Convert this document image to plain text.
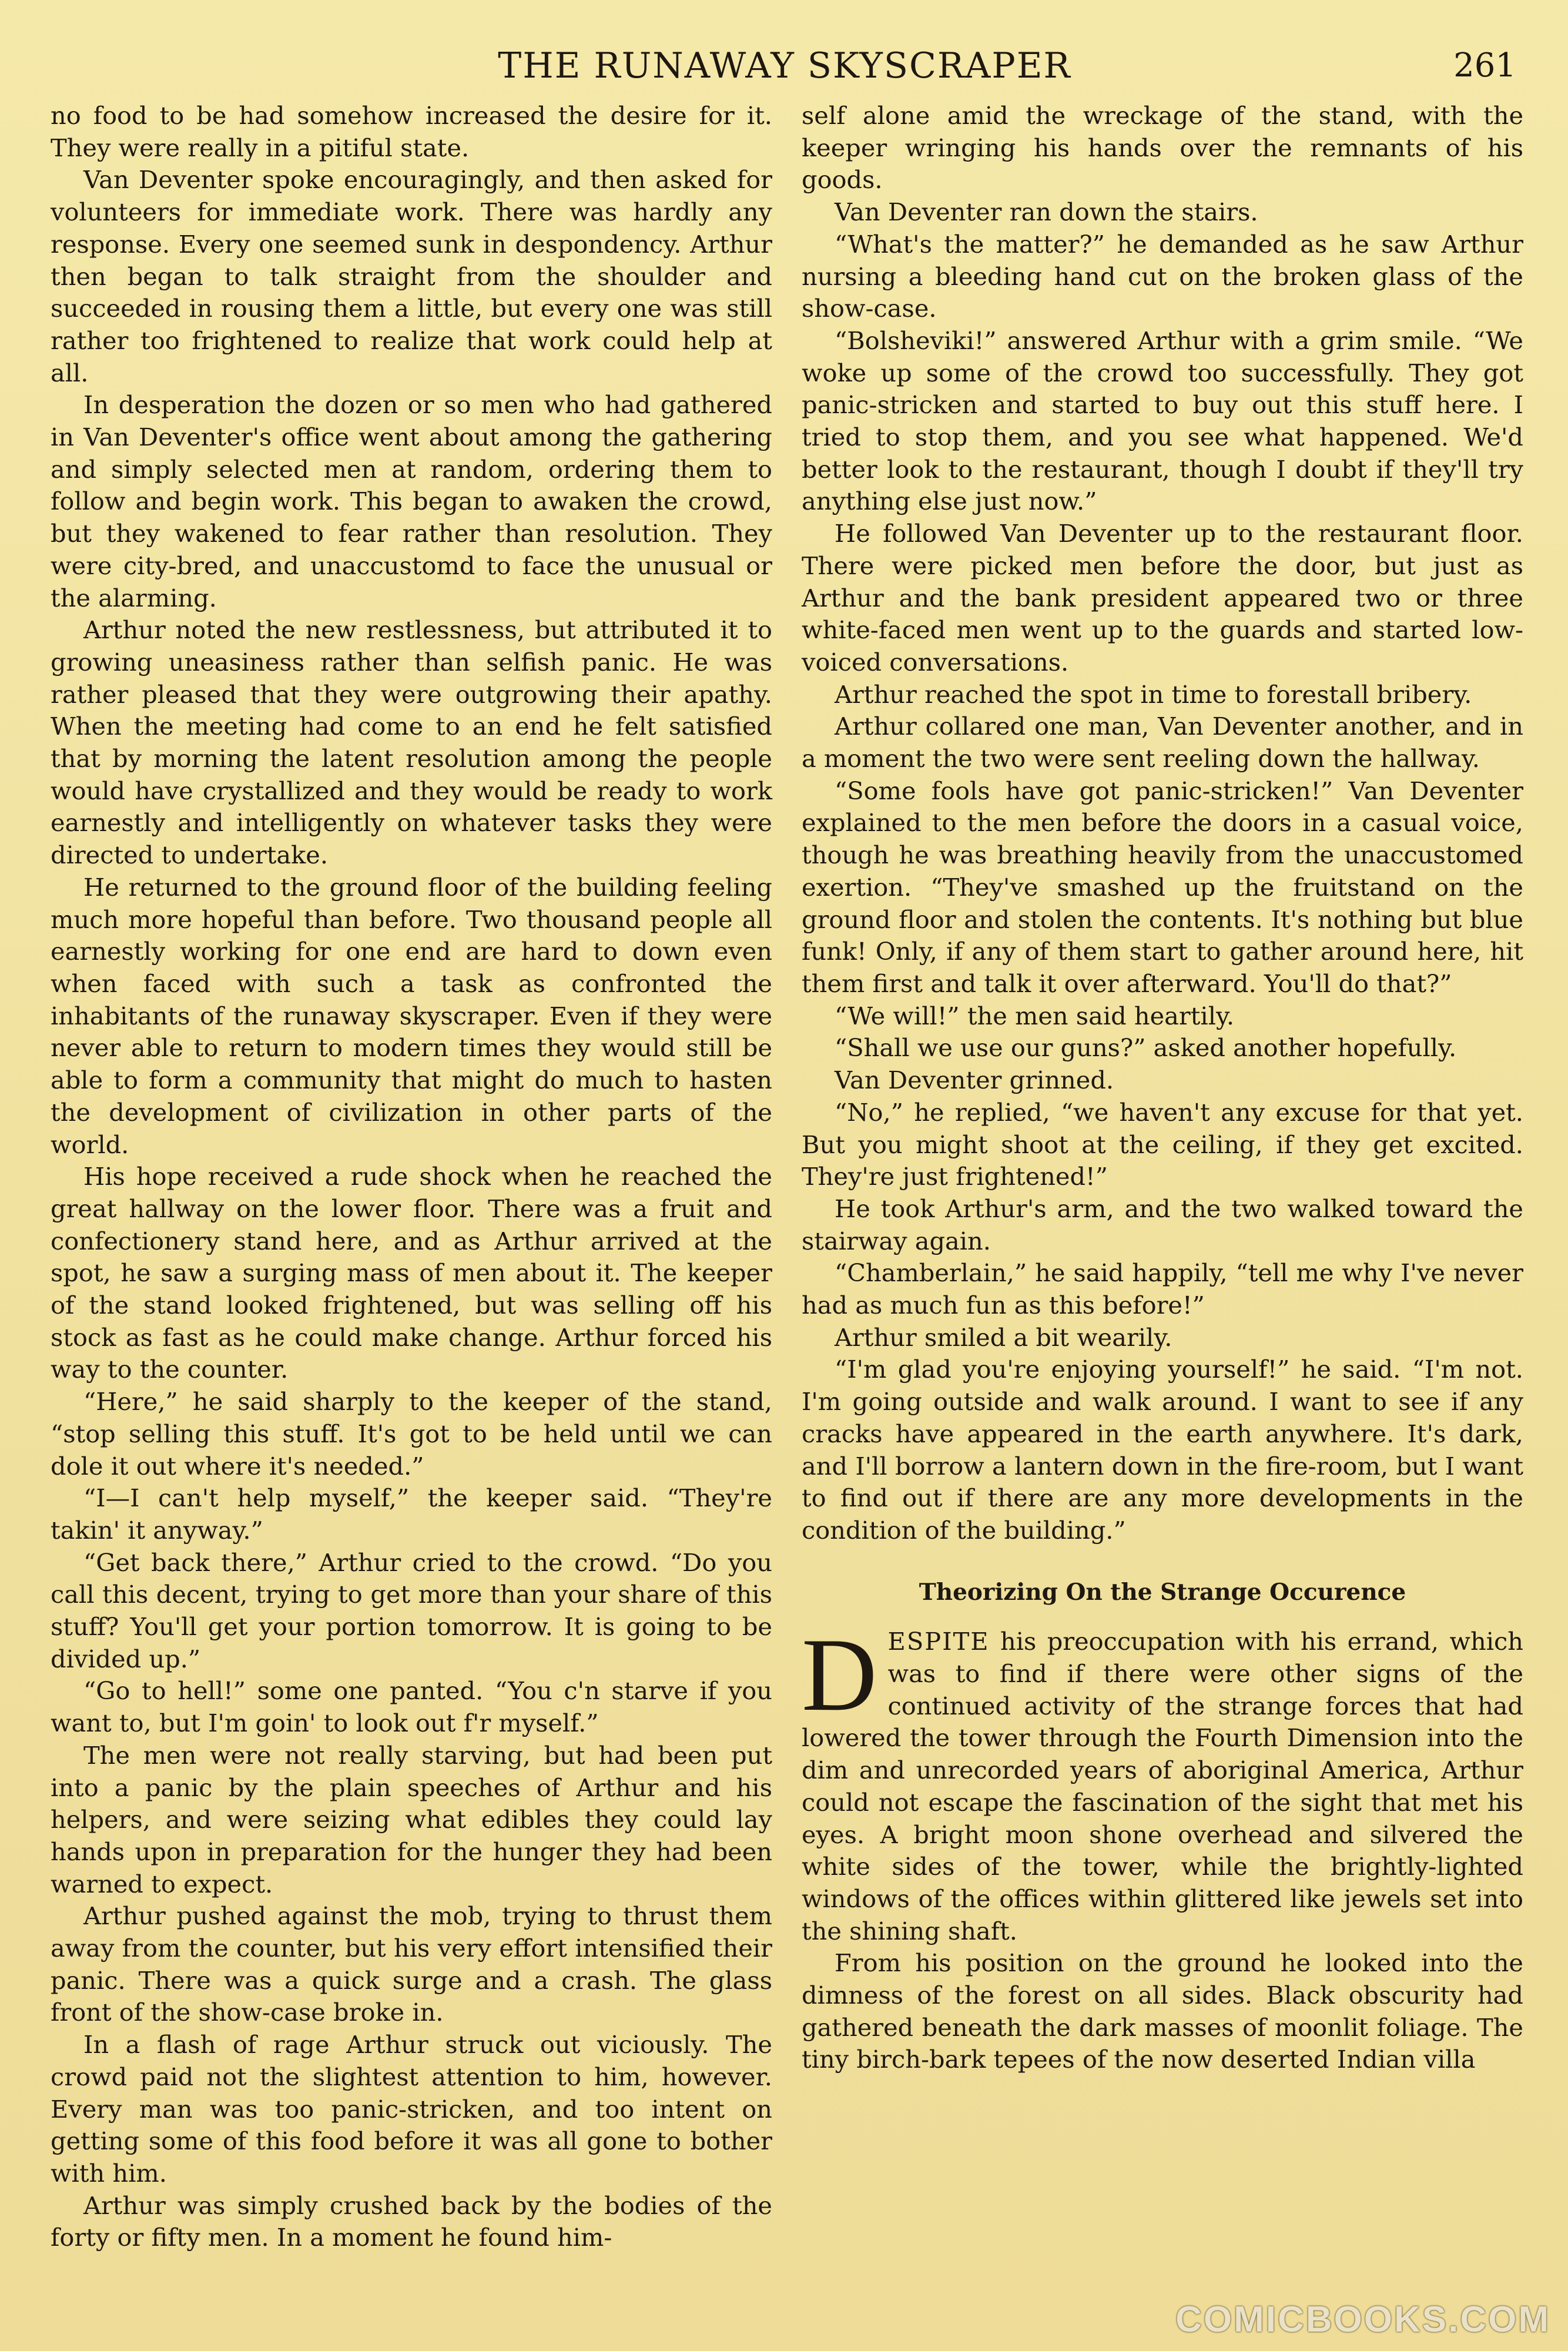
THE RUNAWAY SKYSCRAPER	261

no food to be had somehow increased the desire for it. They were really in a pitiful state.

Van Deventer spoke encouragingly, and then asked for volunteers for immediate work. There was hardly any response. Every one seemed sunk in despondency. Arthur then began to talk straight from the shoulder and succeeded in rousing them a little, but every one was still rather too frightened to realize that work could help at all.

In desperation the dozen or so men who had gathered in Van Deventer's office went about among the gathering and simply selected men at random, ordering them to follow and begin work. This began to awaken the crowd, but they wakened to fear rather than resolution. They were city-bred, and unaccustomd to face the unusual or the alarming.

Arthur noted the new restlessness, but attributed it to growing uneasiness rather than selfish panic. He was rather pleased that they were outgrowing their apathy. When the meeting had come to an end he felt satisfied that by morning the latent resolution among the people would have crystallized and they would be ready to work earnestly and intelligently on whatever tasks they were directed to undertake.

He returned to the ground floor of the building feeling much more hopeful than before. Two thousand people all earnestly working for one end are hard to down even when faced with such a task as confronted the inhabitants of the runaway skyscraper. Even if they were never able to return to modern times they would still be able to form a community that might do much to hasten the development of civilization in other parts of the world.

His hope received a rude shock when he reached the great hallway on the lower floor. There was a fruit and confectionery stand here, and as Arthur arrived at the spot, he saw a surging mass of men about it. The keeper of the stand looked frightened, but was selling off his stock as fast as he could make change. Arthur forced his way to the counter.

“Here,” he said sharply to the keeper of the stand, “stop selling this stuff. It's got to be held until we can dole it out where it's needed.”

“I—I can't help myself,” the keeper said. “They're takin' it anyway.”

“Get back there,” Arthur cried to the crowd. “Do you call this decent, trying to get more than your share of this stuff? You'll get your portion tomorrow. It is going to be divided up.”

“Go to hell!” some one panted. “You c'n starve if you want to, but I'm goin' to look out f'r myself.”

The men were not really starving, but had been put into a panic by the plain speeches of Arthur and his helpers, and were seizing what edibles they could lay hands upon in preparation for the hunger they had been warned to expect.

Arthur pushed against the mob, trying to thrust them away from the counter, but his very effort intensified their panic. There was a quick surge and a crash. The glass front of the show-case broke in.

In a flash of rage Arthur struck out viciously. The crowd paid not the slightest attention to him, however. Every man was too panic-stricken, and too intent on getting some of this food before it was all gone to bother with him.

Arthur was simply crushed back by the bodies of the forty or fifty men. In a moment he found him-

self alone amid the wreckage of the stand, with the keeper wringing his hands over the remnants of his goods.

Van Deventer ran down the stairs.

“What's the matter?” he demanded as he saw Arthur nursing a bleeding hand cut on the broken glass of the show-case.

“Bolsheviki!” answered Arthur with a grim smile. “We woke up some of the crowd too successfully. They got panic-stricken and started to buy out this stuff here. I tried to stop them, and you see what happened. We'd better look to the restaurant, though I doubt if they'll try anything else just now.”

He followed Van Deventer up to the restaurant floor. There were picked men before the door, but just as Arthur and the bank president appeared two or three white-faced men went up to the guards and started low-voiced conversations.

Arthur reached the spot in time to forestall bribery.

Arthur collared one man, Van Deventer another, and in a moment the two were sent reeling down the hallway.

“Some fools have got panic-stricken!” Van Deventer explained to the men before the doors in a casual voice, though he was breathing heavily from the unaccustomed exertion. “They've smashed up the fruitstand on the ground floor and stolen the contents. It's nothing but blue funk! Only, if any of them start to gather around here, hit them first and talk it over afterward. You'll do that?”

“We will!” the men said heartily.

“Shall we use our guns?” asked another hopefully.

Van Deventer grinned.

“No,” he replied, “we haven't any excuse for that yet. But you might shoot at the ceiling, if they get excited. They're just frightened!”

He took Arthur's arm, and the two walked toward the stairway again.

“Chamberlain,” he said happily, “tell me why I've never had as much fun as this before!”

Arthur smiled a bit wearily.

“I'm glad you're enjoying yourself!” he said. “I'm not. I'm going outside and walk around. I want to see if any cracks have appeared in the earth anywhere. It's dark, and I'll borrow a lantern down in the fire-room, but I want to find out if there are any more developments in the condition of the building.”

Theorizing On the Strange Occurence

DESPITE his preoccupation with his errand, which was to find if there were other signs of the continued activity of the strange forces that had lowered the tower through the Fourth Dimension into the dim and unrecorded years of aboriginal America, Arthur could not escape the fascination of the sight that met his eyes. A bright moon shone overhead and silvered the white sides of the tower, while the brightly-lighted windows of the offices within glittered like jewels set into the shining shaft.

From his position on the ground he looked into the dimness of the forest on all sides. Black obscurity had gathered beneath the dark masses of moonlit foliage. The tiny birch-bark tepees of the now deserted Indian villa

COMICBOOKS.COM
